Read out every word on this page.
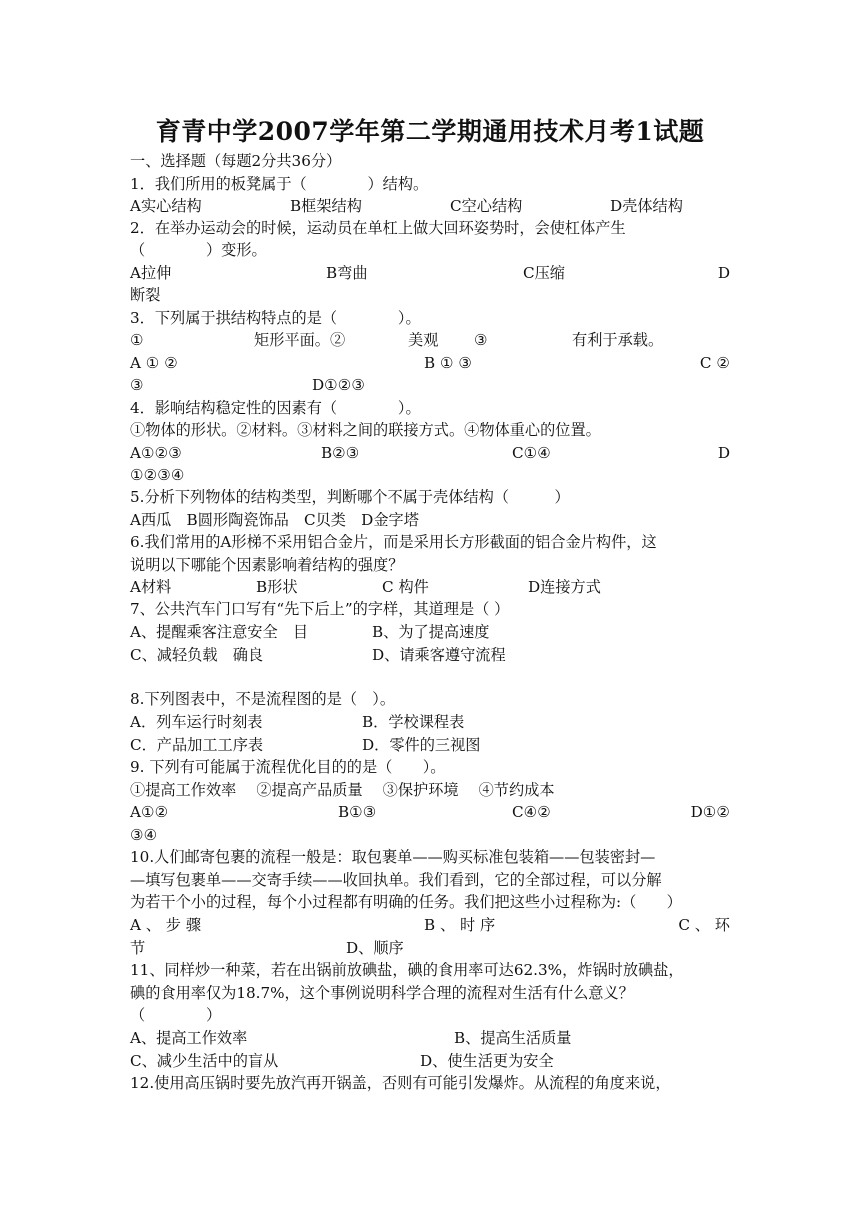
育青中学2007学年第二学期通用技术月考1试题
一、选择题（每题2分共36分）
1．我们所用的板凳属于（　　　　）结构。
A实心结构	B框架结构	C空心结构	D壳体结构
2．在举办运动会的时候，运动员在单杠上做大回环姿势时，会使杠体产生
（　　　　）变形。
A拉伸	B弯曲	C压缩	D
断裂
3．下列属于拱结构特点的是（　　　　）。
①	矩形平面。②	美观 ③	有利于承载。
A ① ②	B ① ③	C ②
③	D①②③
4．影响结构稳定性的因素有（　　　　）。
①物体的形状。②材料。③材料之间的联接方式。④物体重心的位置。
A①②③	B②③	C①④	D
①②③④
5.分析下列物体的结构类型，判断哪个不属于壳体结构（　　　）
A西瓜　B圆形陶瓷饰品　C贝类　D金字塔
6.我们常用的A形梯不采用铝合金片，而是采用长方形截面的铝合金片构件，这
说明以下哪能个因素影响着结构的强度？
A材料	B形状	C 构件	D连接方式
7、公共汽车门口写有“先下后上”的字样，其道理是（ ）
A、提醒乘客注意安全　目	B、为了提高速度
C、减轻负载　确良	D、请乘客遵守流程
8.下列图表中，不是流程图的是（　）。
A．列车运行时刻表	B．学校课程表
C．产品加工工序表	D．零件的三视图
9. 下列有可能属于流程优化目的的是（　　）。
①提高工作效率　 ②提高产品质量　 ③保护环境　 ④节约成本
A①②	B①③	C④②	D①②
③④
10.人们邮寄包裹的流程一般是：取包裹单——购买标准包装箱——包装密封—
—填写包裹单——交寄手续——收回执单。我们看到，它的全部过程，可以分解
为若干个小的过程，每个小过程都有明确的任务。我们把这些小过程称为:（　　）
A 、 步 骤	B 、 时 序	C 、 环
节	D、顺序
11、同样炒一种菜，若在出锅前放碘盐，碘的食用率可达62.3%，炸锅时放碘盐，
碘的食用率仅为18.7%，这个事例说明科学合理的流程对生活有什么意义？
（　　　　）
A、提高工作效率	B、提高生活质量
C、减少生活中的盲从	D、使生活更为安全
12.使用高压锅时要先放汽再开锅盖，否则有可能引发爆炸。从流程的角度来说，
